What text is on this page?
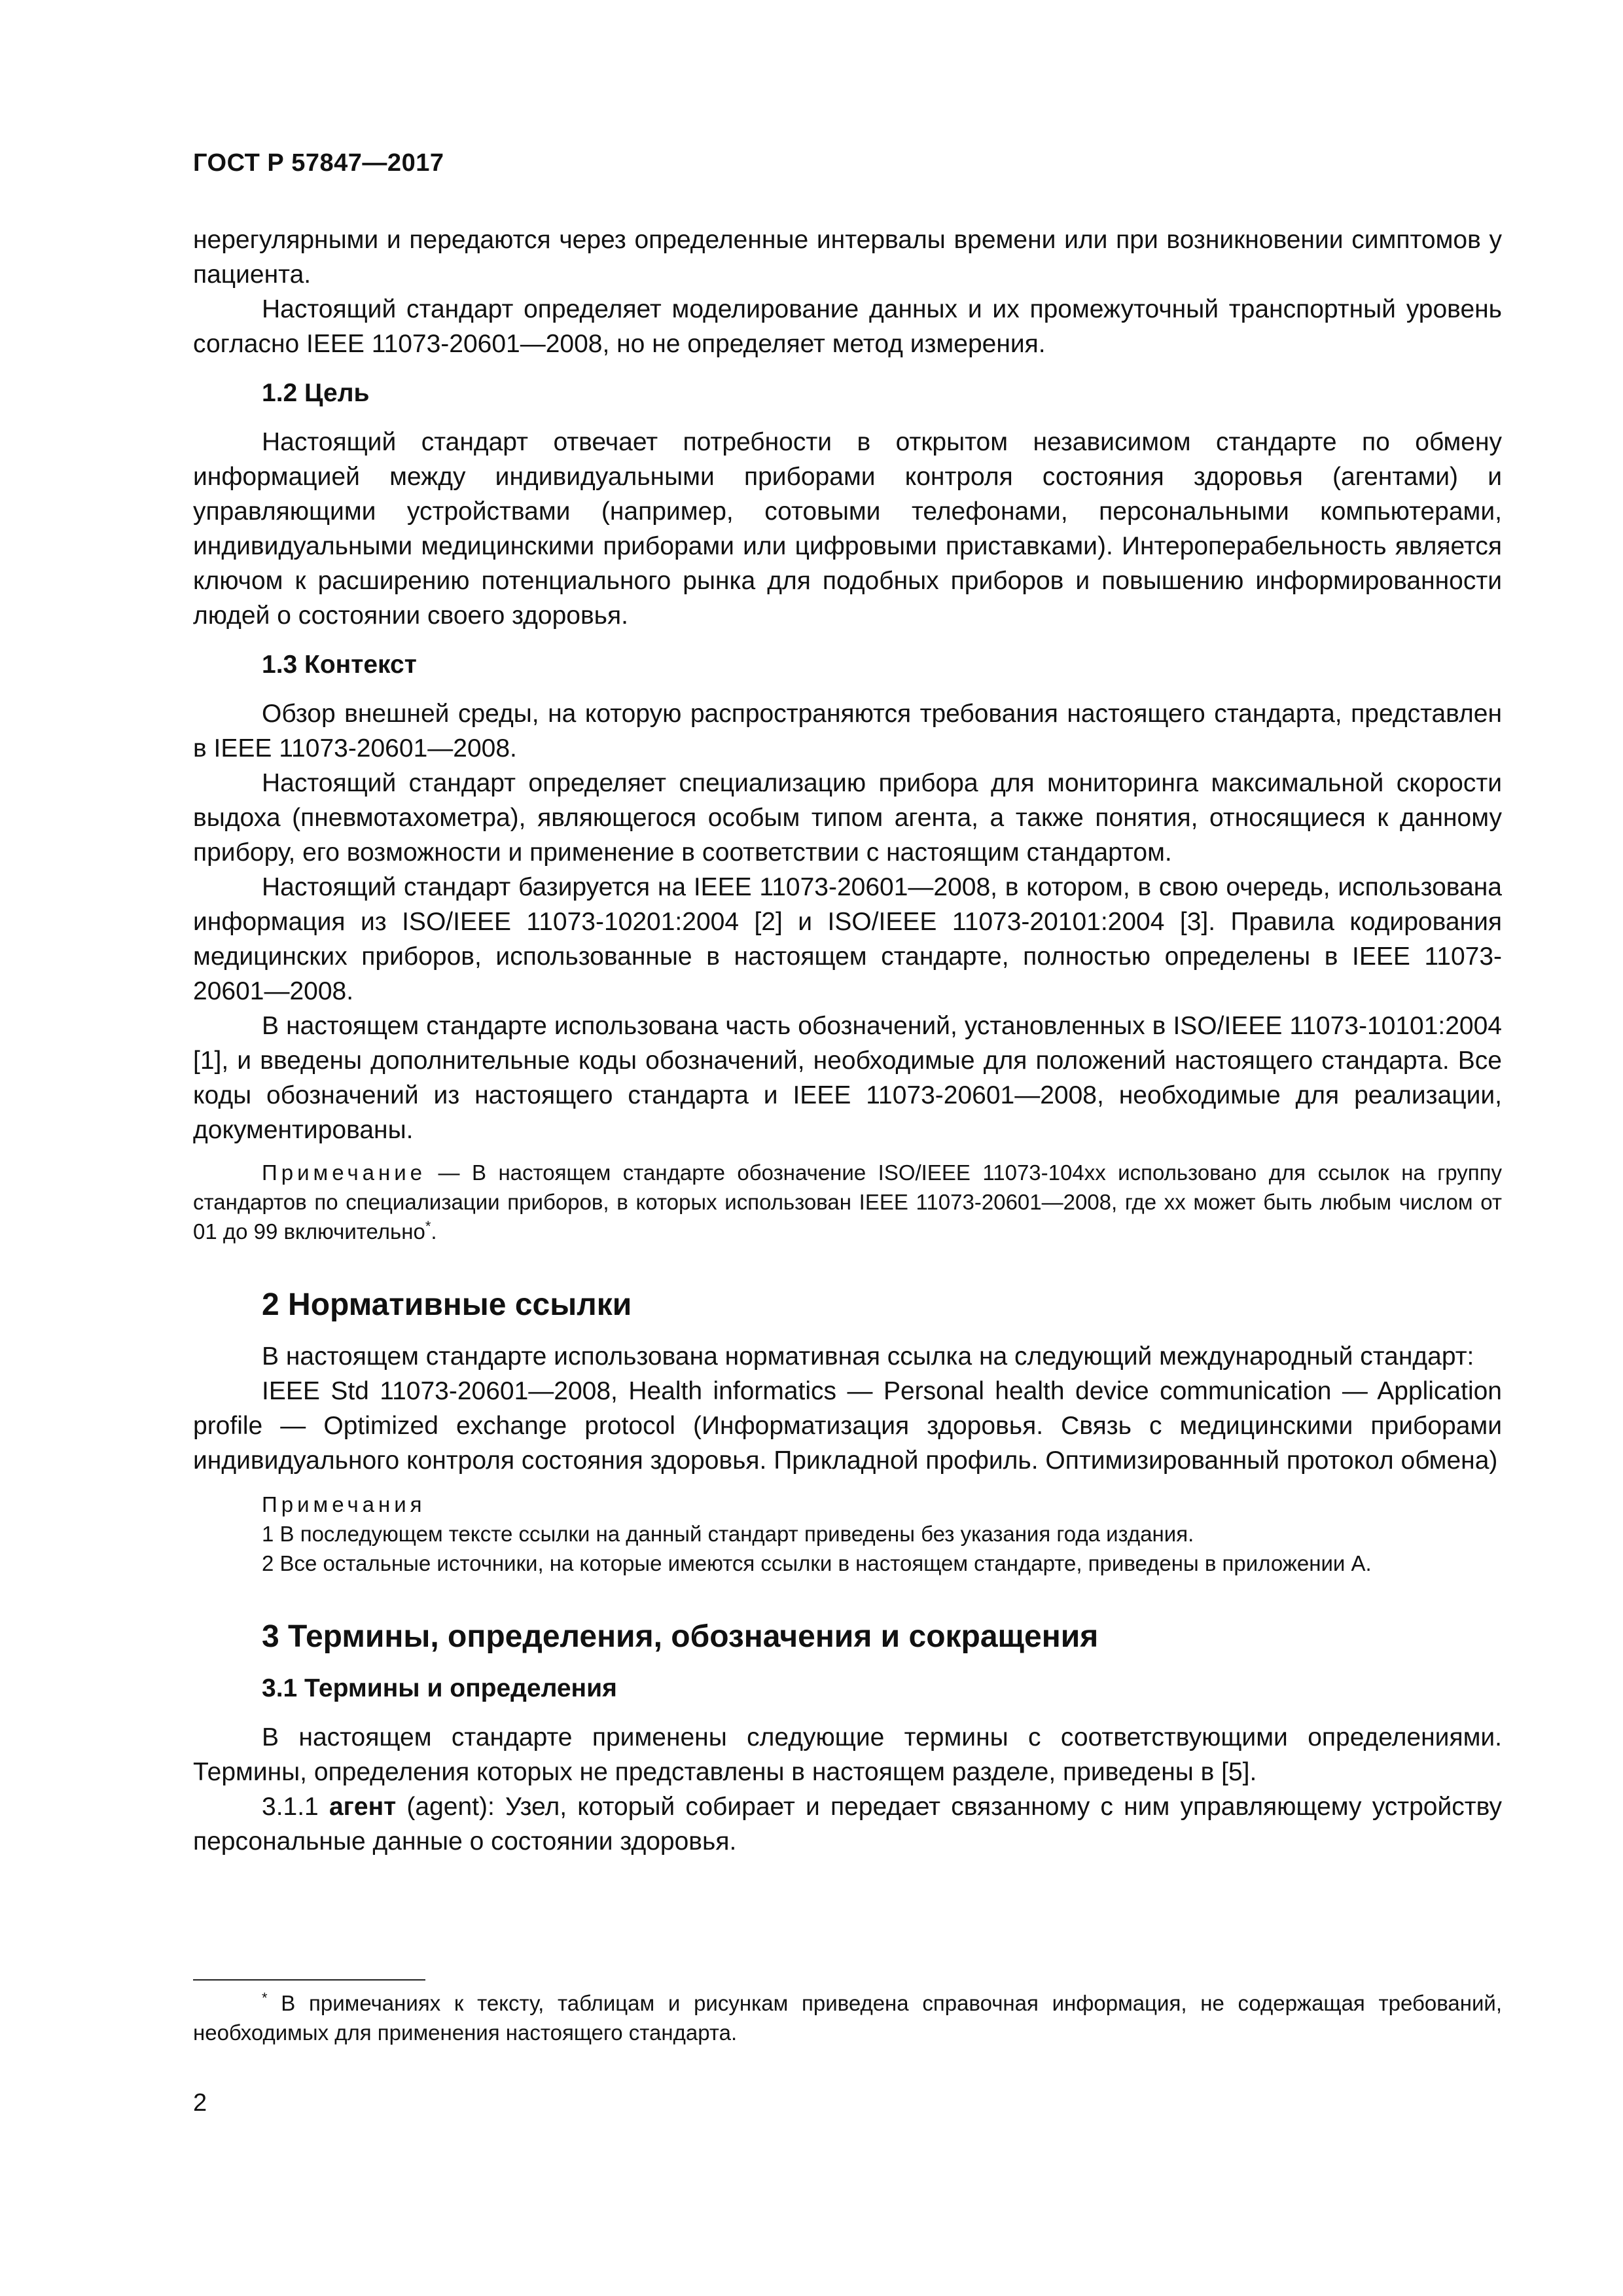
ГОСТ Р 57847—2017

нерегулярными и передаются через определенные интервалы времени или при возникновении симптомов у пациента.

Настоящий стандарт определяет моделирование данных и их промежуточный транспортный уровень согласно IEEE 11073-20601—2008, но не определяет метод измерения.

1.2 Цель

Настоящий стандарт отвечает потребности в открытом независимом стандарте по обмену информацией между индивидуальными приборами контроля состояния здоровья (агентами) и управляющими устройствами (например, сотовыми телефонами, персональными компьютерами, индивидуальными медицинскими приборами или цифровыми приставками). Интероперабельность является ключом к расширению потенциального рынка для подобных приборов и повышению информированности людей о состоянии своего здоровья.

1.3 Контекст

Обзор внешней среды, на которую распространяются требования настоящего стандарта, представлен в IEEE 11073-20601—2008.

Настоящий стандарт определяет специализацию прибора для мониторинга максимальной скорости выдоха (пневмотахометра), являющегося особым типом агента, а также понятия, относящиеся к данному прибору, его возможности и применение в соответствии с настоящим стандартом.

Настоящий стандарт базируется на IEEE 11073-20601—2008, в котором, в свою очередь, использована информация из ISO/IEEE 11073-10201:2004 [2] и ISO/IEEE 11073-20101:2004 [3]. Правила кодирования медицинских приборов, использованные в настоящем стандарте, полностью определены в IEEE 11073-20601—2008.

В настоящем стандарте использована часть обозначений, установленных в ISO/IEEE 11073-10101:2004 [1], и введены дополнительные коды обозначений, необходимые для положений настоящего стандарта. Все коды обозначений из настоящего стандарта и IEEE 11073-20601—2008, необходимые для реализации, документированы.

Примечание — В настоящем стандарте обозначение ISO/IEEE 11073-104xx использовано для ссылок на группу стандартов по специализации приборов, в которых использован IEEE 11073-20601—2008, где xx может быть любым числом от 01 до 99 включительно*.

2 Нормативные ссылки

В настоящем стандарте использована нормативная ссылка на следующий международный стандарт:

IEEE Std 11073-20601—2008, Health informatics — Personal health device communication — Application profile — Optimized exchange protocol (Информатизация здоровья. Связь с медицинскими приборами индивидуального контроля состояния здоровья. Прикладной профиль. Оптимизированный протокол обмена)

Примечания
1 В последующем тексте ссылки на данный стандарт приведены без указания года издания.
2 Все остальные источники, на которые имеются ссылки в настоящем стандарте, приведены в приложении А.
3 Термины, определения, обозначения и сокращения
3.1 Термины и определения

В настоящем стандарте применены следующие термины с соответствующими определениями. Термины, определения которых не представлены в настоящем разделе, приведены в [5].

3.1.1 агент (agent): Узел, который собирает и передает связанному с ним управляющему устройству персональные данные о состоянии здоровья.

* В примечаниях к тексту, таблицам и рисункам приведена справочная информация, не содержащая требований, необходимых для применения настоящего стандарта.
2
